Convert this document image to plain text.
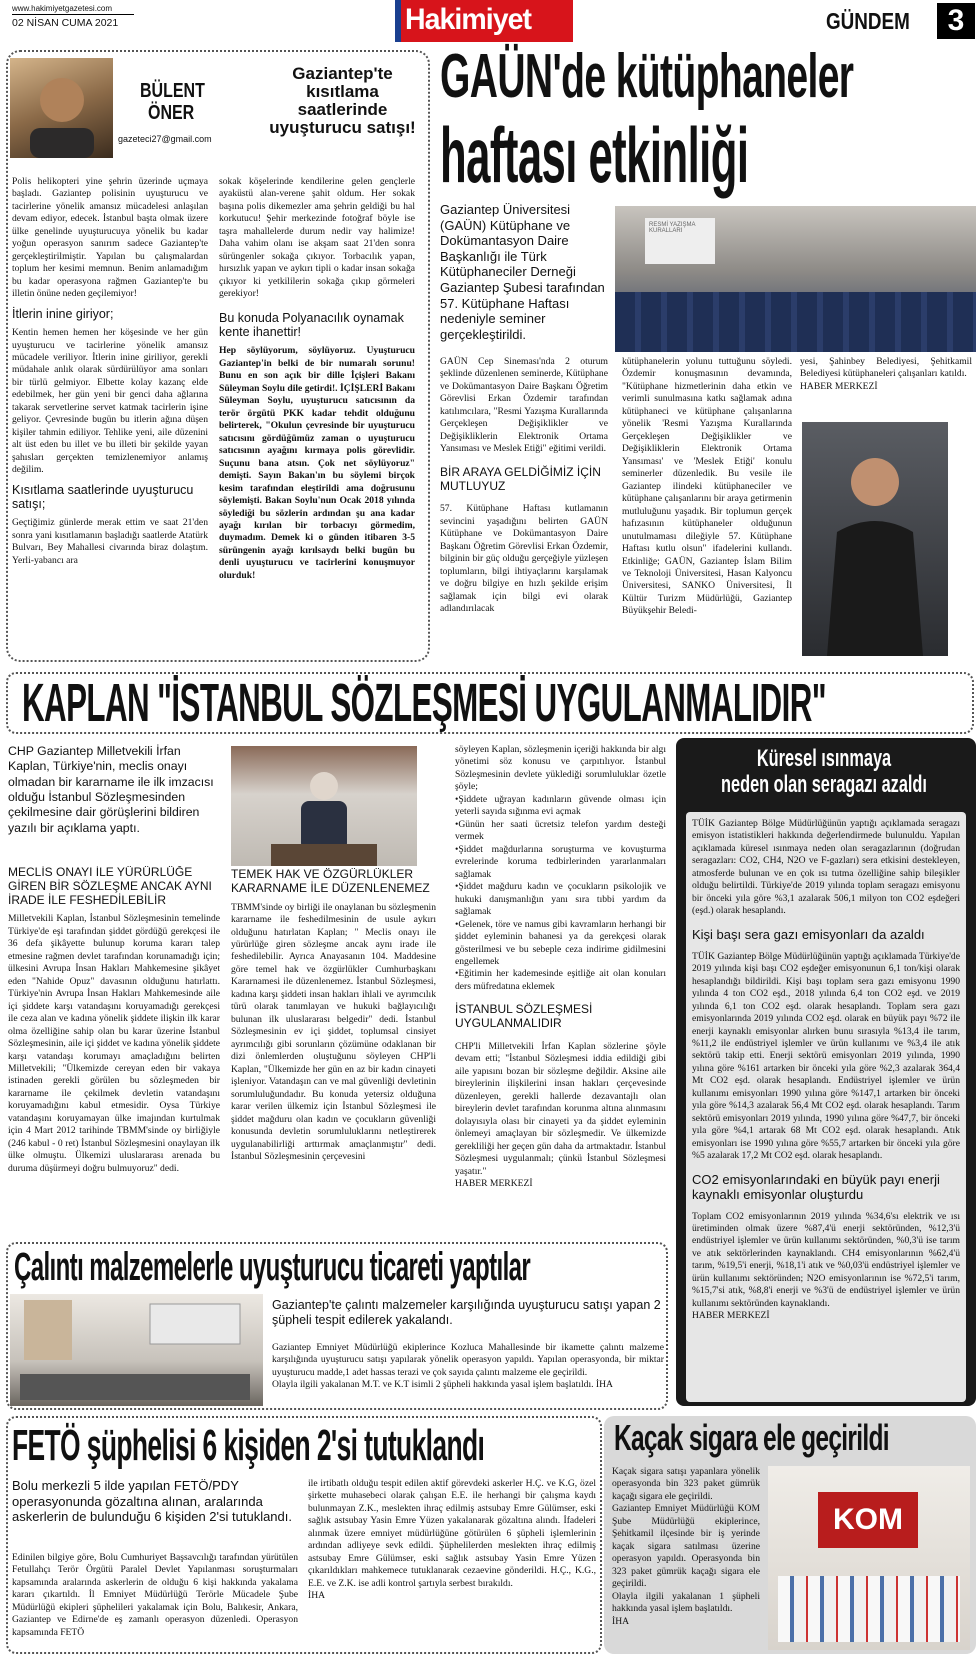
www.hakimiyetgazetesi.com
02 NİSAN CUMA 2021	Hakimiyet	GÜNDEM	3
BÜLENT
ÖNER
gazeteci27@gmail.com
Gaziantep'te kısıtlama saatlerinde uyuşturucu satışı!

Polis helikopteri yine şehrin üzerinde uçmaya başladı. Gaziantep polisinin uyuşturucu ve tacirlerine yönelik amansız mücadelesi anlaşılan devam ediyor, edecek. İstanbul başta olmak üzere ülke genelinde uyuşturucuya yönelik bu kadar yoğun operasyon sanırım sadece Gaziantep'te gerçekleştirilmiştir. Yapılan bu çalışmalardan toplum her kesimi memnun. Benim anlamadığım bu kadar operasyona rağmen Gaziantep'te bu illetin önüne neden geçilemiyor!

İtlerin inine giriyor;

Kentin hemen hemen her köşesinde ve her gün uyuşturucu ve tacirlerine yönelik amansız mücadele veriliyor. İtlerin inine giriliyor, gerekli müdahale anlık olarak sürdürülüyor ama sonları bir türlü gelmiyor. Elbette kolay kazanç elde edebilmek, her gün yeni bir genci daha ağlarına takarak servetlerine servet katmak tacirlerin işine geliyor. Çevresinde bugün bu itlerin ağına düşen kişiler tahmin ediliyor. Tehlike yeni, aile düzenini alt üst eden bu illet ve bu illeti bir şekilde yayan şahısları gerçekten temizlenemiyor anlamış değilim.

Kısıtlama saatlerinde uyuşturucu satışı;

Geçtiğimiz günlerde merak ettim ve saat 21'den sonra yani kısıtlamanın başladığı saatlerde Atatürk Bulvarı, Bey Mahallesi civarında biraz dolaştım. Yerli-yabancı ara

sokak köşelerinde kendilerine gelen gençlerle ayaküstü alan-verene şahit oldum. Her sokak başına polis dikemezler ama şehrin geldiği bu hal korkutucu! Şehir merkezinde fotoğraf böyle ise taşra mahallelerde durum nedir vay halimize! Daha vahim olanı ise akşam saat 21'den sonra sürüngenler sokağa çıkıyor. Torbacılık yapan, hırsızlık yapan ve aykırı tipli o kadar insan sokağa çıkıyor ki yetkililerin sokağa çıkıp görmeleri gerekiyor!

Bu konuda Polyanacılık oynamak kente ihanettir!

Hep söylüyorum, söylüyoruz. Uyuşturucu Gaziantep'in belki de bir numaralı sorunu! Bunu en son açık bir dille İçişleri Bakanı Süleyman Soylu dile getirdi!. İÇİŞLERİ Bakanı Süleyman Soylu, uyuşturucu satıcısının da terör örgütü PKK kadar tehdit olduğunu belirterek, "Okulun çevresinde bir uyuşturucu satıcısını gördüğümüz zaman o uyuşturucu satıcısının ayağını kırmaya polis görevlidir. Suçunu bana atsın. Çok net söylüyoruz" demişti. Sayın Bakan'ın bu söylemi birçok kesim tarafından eleştirildi ama doğrusunu söylemişti. Bakan Soylu'nun Ocak 2018 yılında söylediği bu sözlerin ardından şu ana kadar ayağı kırılan bir torbacıyı görmedim, duymadım. Demek ki o günden itibaren 3-5 sürüngenin ayağı kırılsaydı belki bugün bu denli uyuşturucu ve tacirlerini konuşmuyor olurduk!

GAÜN'de kütüphaneler
haftası etkinliği
Gaziantep Üniversitesi (GAÜN) Kütüphane ve Dokümantasyon Daire Başkanlığı ile Türk Kütüphaneciler Derneği Gaziantep Şubesi tarafından 57. Kütüphane Haftası nedeniyle seminer gerçekleştirildi.
RESMİ YAZIŞMA KURALLARI

GAÜN Cep Sineması'nda 2 oturum şeklinde düzenlenen seminerde, Kütüphane ve Dokümantasyon Daire Başkanı Öğretim Görevlisi Erkan Özdemir tarafından katılımcılara, "Resmi Yazışma Kurallarında Gerçekleşen Değişiklikler ve Değişikliklerin Elektronik Ortama Yansıması ve Meslek Etiği" eğitimi verildi.

BİR ARAYA GELDİĞİMİZ İÇİN MUTLUYUZ

57. Kütüphane Haftası kutlamanın sevincini yaşadığını belirten GAÜN Kütüphane ve Dokümantasyon Daire Başkanı Öğretim Görevlisi Erkan Özdemir, bilginin bir güç olduğu gerçeğiyle yüzleşen toplumların, bilgi ihtiyaçlarını karşılamak ve doğru bilgiye en hızlı şekilde erişim sağlamak için bilgi evi olarak adlandırılacak

kütüphanelerin yolunu tuttuğunu söyledi. Özdemir konuşmasının devamında, "Kütüphane hizmetlerinin daha etkin ve verimli sunulmasına katkı sağlamak adına kütüphaneci ve kütüphane çalışanlarına yönelik 'Resmi Yazışma Kurallarında Gerçekleşen Değişiklikler ve Değişikliklerin Elektronik Ortama Yansıması' ve 'Meslek Etiği' konulu seminerler düzenledik. Bu vesile ile Gaziantep ilindeki kütüphaneciler ve kütüphane çalışanlarını bir araya getirmenin mutluluğunu yaşadık. Bir toplumun gerçek hafızasının kütüphaneler olduğunun unutulmaması dileğiyle 57. Kütüphane Haftası kutlu olsun" ifadelerini kullandı. Etkinliğe; GAÜN, Gaziantep İslam Bilim ve Teknoloji Üniversitesi, Hasan Kalyoncu Üniversitesi, SANKO Üniversitesi, İl Kültür Turizm Müdürlüğü, Gaziantep Büyükşehir Beledi-

yesi, Şahinbey Belediyesi, Şehitkamil Belediyesi kütüphaneleri çalışanları katıldı.

HABER MERKEZİ

KAPLAN "İSTANBUL SÖZLEŞMESİ UYGULANMALIDIR"
CHP Gaziantep Milletvekili İrfan Kaplan, Türkiye'nin, meclis onayı olmadan bir kararname ile ilk imzacısı olduğu İstanbul Sözleşmesinden çekilmesine dair görüşlerini bildiren yazılı bir açıklama yaptı.

MECLİS ONAYI İLE YÜRÜRLÜĞE GİREN BİR SÖZLEŞME ANCAK AYNI İRADE İLE FESHEDİLEBİLİR

Milletvekili Kaplan, İstanbul Sözleşmesinin temelinde Türkiye'de eşi tarafından şiddet gördüğü gerekçesi ile 36 defa şikâyette bulunup koruma kararı talep etmesine rağmen devlet tarafından korunamadığı için; ülkesini Avrupa İnsan Hakları Mahkemesine şikâyet eden "Nahide Opuz" davasının olduğunu hatırlattı. Türkiye'nin Avrupa İnsan Hakları Mahkemesinde aile içi şiddete karşı vatandaşını koruyamadığı gerekçesi ile ceza alan ve kadına yönelik şiddete ilişkin ilk karar olma özelliğine sahip olan bu karar üzerine İstanbul Sözleşmesinin, aile içi şiddet ve kadına yönelik şiddete karşı vatandaşı korumayı amaçladığını belirten Milletvekili; "Ülkemizde cereyan eden bir vakaya istinaden gerekli görülen bu sözleşmeden bir kararname ile çekilmek devletin vatandaşını koruyamadığını kabul etmesidir. Oysa Türkiye vatandaşını koruyamayan ülke imajından kurtulmak için 4 Mart 2012 tarihinde TBMM'sinde oy birliğiyle (246 kabul - 0 ret) İstanbul Sözleşmesini onaylayan ilk ülke olmuştu. Ülkemizi uluslararası arenada bu duruma düşürmeyi doğru bulmuyoruz" dedi.

TEMEK HAK VE ÖZGÜRLÜKLER KARARNAME İLE DÜZENLENEMEZ

TBMM'sinde oy birliği ile onaylanan bu sözleşmenin kararname ile feshedilmesinin de usule aykırı olduğunu hatırlatan Kaplan; " Meclis onayı ile yürürlüğe giren sözleşme ancak aynı irade ile feshedilebilir. Ayrıca Anayasanın 104. Maddesine göre temel hak ve özgürlükler Cumhurbaşkanı Kararnamesi ile düzenlenemez. İstanbul Sözleşmesi, kadına karşı şiddeti insan hakları ihlali ve ayrımcılık türü olarak tanımlayan ve hukuki bağlayıcılığı bulunan ilk uluslararası belgedir" dedi. İstanbul Sözleşmesinin ev içi şiddet, toplumsal cinsiyet ayrımcılığı gibi sorunların çözümüne odaklanan bir dizi önlemlerden oluştuğunu söyleyen CHP'li Kaplan, "Ülkemizde her gün en az bir kadın cinayeti işleniyor. Vatandaşın can ve mal güvenliği devletinin sorumluluğundadır. Bu konuda yetersiz olduğuna karar verilen ülkemiz için İstanbul Sözleşmesi ile şiddet mağduru olan kadın ve çocukların güvenliği konusunda devletin sorumluluklarını netleştirerek uygulanabilirliği arttırmak amaçlanmıştır" dedi. İstanbul Sözleşmesinin çerçevesini

söyleyen Kaplan, sözleşmenin içeriği hakkında bir algı yönetimi söz konusu ve çarpıtılıyor. İstanbul Sözleşmesinin devlete yüklediği sorumluluklar özetle şöyle;

•Şiddete uğrayan kadınların güvende olması için yeterli sayıda sığınma evi açmak

•Günün her saati ücretsiz telefon yardım desteği vermek

•Şiddet mağdurlarına soruşturma ve kovuşturma evrelerinde koruma tedbirlerinden yararlanmaları sağlamak

•Şiddet mağduru kadın ve çocukların psikolojik ve hukuki danışmanlığın yanı sıra tıbbi yardım da sağlamak

•Gelenek, töre ve namus gibi kavramların herhangi bir şiddet eyleminin bahanesi ya da gerekçesi olarak gösterilmesi ve bu sebeple ceza indirime gidilmesini engellemek

•Eğitimin her kademesinde eşitliğe ait olan konuları ders müfredatına eklemek

İSTANBUL SÖZLEŞMESİ UYGULANMALIDIR

CHP'li Milletvekili İrfan Kaplan sözlerine şöyle devam etti; "İstanbul Sözleşmesi iddia edildiği gibi aile yapısını bozan bir sözleşme değildir. Aksine aile bireylerinin ilişkilerini insan hakları çerçevesinde düzenleyen, gerekli hallerde dezavantajlı olan bireylerin devlet tarafından korunma altına alınmasını dolayısıyla olası bir cinayeti ya da şiddet eyleminin önlemeyi amaçlayan bir sözleşmedir. Ve ülkemizde gerekliliği her geçen gün daha da artmaktadır. İstanbul Sözleşmesi uygulanmalı; çünkü İstanbul Sözleşmesi yaşatır."

HABER MERKEZİ

Küresel ısınmaya
neden olan seragazı azaldı

TÜİK Gaziantep Bölge Müdürlüğünün yaptığı açıklamada seragazı emisyon istatistikleri hakkında değerlendirmede bulunuldu. Yapılan açıklamada küresel ısınmaya neden olan seragazlarının (doğrudan seragazları: CO2, CH4, N2O ve F-gazları) sera etkisini destekleyen, atmosferde bulunan ve en çok ısı tutma özelliğine sahip bileşikler olduğu belirtildi. Türkiye'de 2019 yılında toplam seragazı emisyonu bir önceki yıla göre %3,1 azalarak 506,1 milyon ton CO2 eşdeğeri (eşd.) olarak hesaplandı.

Kişi başı sera gazı emisyonları da azaldı

TÜİK Gaziantep Bölge Müdürlüğünün yaptığı açıklamada Türkiye'de 2019 yılında kişi başı CO2 eşdeğer emisyonunun 6,1 ton/kişi olarak hesaplandığı bildirildi. Kişi başı toplam sera gazı emisyonu 1990 yılında 4 ton CO2 eşd., 2018 yılında 6,4 ton CO2 eşd. ve 2019 yılında 6,1 ton CO2 eşd. olarak hesaplandı. Toplam sera gazı emisyonlarında 2019 yılında CO2 eşd. olarak en büyük payı %72 ile enerji kaynaklı emisyonlar alırken bunu sırasıyla %13,4 ile tarım, %11,2 ile endüstriyel işlemler ve ürün kullanımı ve %3,4 ile atık sektörü takip etti. Enerji sektörü emisyonları 2019 yılında, 1990 yılına göre %161 artarken bir önceki yıla göre %2,3 azalarak 364,4 Mt CO2 eşd. olarak hesaplandı. Endüstriyel işlemler ve ürün kullanımı emisyonları 1990 yılına göre %147,1 artarken bir önceki yıla göre %14,3 azalarak 56,4 Mt CO2 eşd. olarak hesaplandı. Tarım sektörü emisyonları 2019 yılında, 1990 yılına göre %47,7, bir önceki yıla göre %4,1 artarak 68 Mt CO2 eşd. olarak hesaplandı. Atık emisyonları ise 1990 yılına göre %55,7 artarken bir önceki yıla göre %5 azalarak 17,2 Mt CO2 eşd. olarak hesaplandı.

CO2 emisyonlarındaki en büyük payı enerji kaynaklı emisyonlar oluşturdu

Toplam CO2 emisyonlarının 2019 yılında %34,6'sı elektrik ve ısı üretiminden olmak üzere %87,4'ü enerji sektöründen, %12,3'ü endüstriyel işlemler ve ürün kullanımı sektöründen, %0,3'ü ise tarım ve atık sektörlerinden kaynaklandı. CH4 emisyonlarının %62,4'ü tarım, %19,5'i enerji, %18,1'i atık ve %0,03'ü endüstriyel işlemler ve ürün kullanımı sektöründen; N2O emisyonlarının ise %72,5'i tarım, %15,7'si atık, %8,8'i enerji ve %3'ü de endüstriyel işlemler ve ürün kullanımı sektöründen kaynaklandı.

HABER MERKEZİ

Çalıntı malzemelerle uyuşturucu ticareti yaptılar
Gaziantep'te çalıntı malzemeler karşılığında uyuşturucu satışı yapan 2 şüpheli tespit edilerek yakalandı.

Gaziantep Emniyet Müdürlüğü ekiplerince Kozluca Mahallesinde bir ikamette çalıntı malzeme karşılığında uyuşturucu satışı yapılarak yönelik operasyon yapıldı. Yapılan operasyonda, bir miktar uyuşturucu madde,1 adet hassas terazi ve çok sayıda çalıntı malzeme ele geçirildi.

Olayla ilgili yakalanan M.T. ve K.T isimli 2 şüpheli hakkında yasal işlem başlatıldı. İHA

FETÖ şüphelisi 6 kişiden 2'si tutuklandı
Bolu merkezli 5 ilde yapılan FETÖ/PDY operasyonunda gözaltına alınan, aralarında askerlerin de bulunduğu 6 kişiden 2'si tutuklandı.

Edinilen bilgiye göre, Bolu Cumhuriyet Başsavcılığı tarafından yürütülen Fetullahçı Terör Örgütü Paralel Devlet Yapılanması soruşturmaları kapsamında aralarında askerlerin de olduğu 6 kişi hakkında yakalama kararı çıkartıldı. İl Emniyet Müdürlüğü Terörle Mücadele Şube Müdürlüğü ekipleri şüphelileri yakalamak için Bolu, Balıkesir, Ankara, Gaziantep ve Edirne'de eş zamanlı operasyon düzenledi. Operasyon kapsamında FETÖ

ile irtibatlı olduğu tespit edilen aktif görevdeki askerler H.Ç. ve K.G, özel şirkette muhasebeci olarak çalışan E.E. ile herhangi bir çalışma kaydı bulunmayan Z.K., meslekten ihraç edilmiş astsubay Emre Gülümser, eski sağlık astsubay Yasin Emre Yüzen yakalanarak gözaltına alındı. İfadeleri alınmak üzere emniyet müdürlüğüne götürülen 6 şüpheli işlemlerinin ardından adliyeye sevk edildi. Şüphelilerden meslekten ihraç edilmiş astsubay Emre Gülümser, eski sağlık astsubay Yasin Emre Yüzen çıkarıldıkları mahkemece tutuklanarak cezaevine gönderildi. H.Ç., K.G., E.E. ve Z.K. ise adli kontrol şartıyla serbest bırakıldı.

İHA

Kaçak sigara ele geçirildi

Kaçak sigara satışı yapanlara yönelik operasyonda bin 323 paket gümrük kaçağı sigara ele geçirildi.

Gaziantep Emniyet Müdürlüğü KOM Şube Müdürlüğü ekiplerince, Şehitkamil ilçesinde bir iş yerinde kaçak sigara satılması üzerine operasyon yapıldı. Operasyonda bin 323 paket gümrük kaçağı sigara ele geçirildi.

Olayla ilgili yakalanan 1 şüpheli hakkında yasal işlem başlatıldı.

İHA

KOM
